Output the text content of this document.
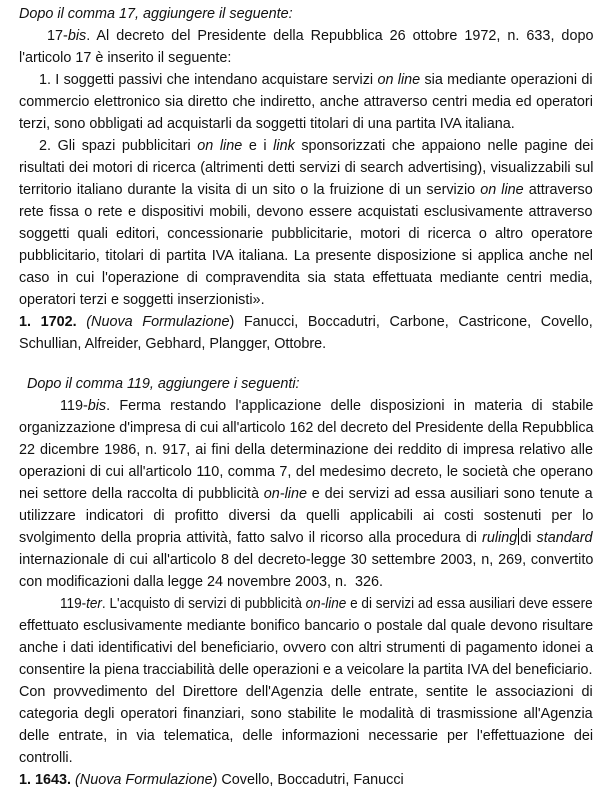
Dopo il comma 17, aggiungere il seguente:
17-bis. Al decreto del Presidente della Repubblica 26 ottobre 1972, n. 633, dopo
l'articolo 17 è inserito il seguente:
1. I soggetti passivi che intendano acquistare servizi on line sia mediante operazioni di
commercio elettronico sia diretto che indiretto, anche attraverso centri media ed operatori
terzi, sono obbligati ad acquistarli da soggetti titolari di una partita IVA italiana.
2. Gli spazi pubblicitari on line e i link sponsorizzati che appaiono nelle pagine dei
risultati dei motori di ricerca (altrimenti detti servizi di search advertising), visualizzabili sul
territorio italiano durante la visita di un sito o la fruizione di un servizio on line attraverso
rete fissa o rete e dispositivi mobili, devono essere acquistati esclusivamente attraverso
soggetti quali editori, concessionarie pubblicitarie, motori di ricerca o altro operatore
pubblicitario, titolari di partita IVA italiana. La presente disposizione si applica anche nel
caso in cui l'operazione di compravendita sia stata effettuata mediante centri media,
operatori terzi e soggetti inserzionisti».
1. 1702. (Nuova Formulazione) Fanucci, Boccadutri, Carbone, Castricone, Covello,
Schullian, Alfreider, Gebhard, Plangger, Ottobre.
Dopo il comma 119, aggiungere i seguenti:
119-bis. Ferma restando l'applicazione delle disposizioni in materia di stabile
organizzazione d'impresa di cui all'articolo 162 del decreto del Presidente della Repubblica
22 dicembre 1986, n. 917, ai fini della determinazione dei reddito di impresa relativo alle
operazioni di cui all'articolo 110, comma 7, del medesimo decreto, le società che operano
nei settore della raccolta di pubblicità on-line e dei servizi ad essa ausiliari sono tenute a
utilizzare indicatori di profitto diversi da quelli applicabili ai costi sostenuti per lo
svolgimento della propria attività, fatto salvo il ricorso alla procedura di ruling di standard
internazionale di cui all'articolo 8 del decreto-legge 30 settembre 2003, n, 269, convertito
con modificazioni dalla legge 24 novembre 2003, n.  326.
119-ter. L'acquisto di servizi di pubblicità on-line e di servizi ad essa ausiliari deve essere
effettuato esclusivamente mediante bonifico bancario o postale dal quale devono risultare
anche i dati identificativi del beneficiario, ovvero con altri strumenti di pagamento idonei a
consentire la piena tracciabilità delle operazioni e a veicolare la partita IVA del beneficiario.
Con provvedimento del Direttore dell'Agenzia delle entrate, sentite le associazioni di
categoria degli operatori finanziari, sono stabilite le modalità di trasmissione all'Agenzia
delle entrate, in via telematica, delle informazioni necessarie per l'effettuazione dei
controlli.
1. 1643. (Nuova Formulazione) Covello, Boccadutri, Fanucci
